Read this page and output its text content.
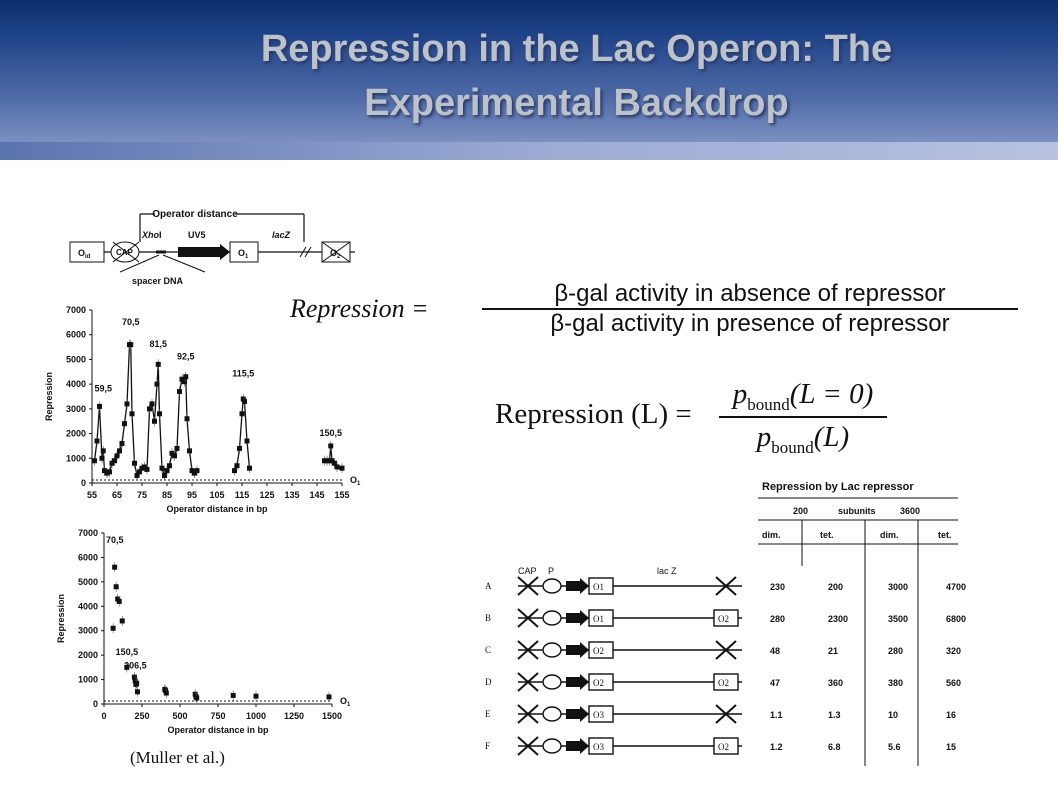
Repression in the Lac Operon: The
Experimental Backdrop
Operator distance
$O_{id}$	CAP
XhoI	UV5
$O_1$
lacZ
$O_2$
spacer DNA
0
1000
2000
3000
4000
5000
6000
7000
55 65 75 85 95 105 115 125 135 145 155
$O_1$
Operator distance in bp
Repression	59,5
70,5
81,5
92,5
115,5
150,5
0
1000
2000
3000
4000
5000
6000
7000
0	250	500	750 1000 1250 1500
$O_1$
Operator distance in bp
Repression
70,5
150,5
206,5
(Muller et al.)
Repression =
β-gal activity in absence of repressor
β-gal activity in presence of repressor
Repression (L) =
$p_{bound}(L = 0)$
$p_{bound}(L)$
Repression by Lac repressor
200	subunits	3600
CAP P	lac Z
dim.	tet.	dim.	tet.
A	O1	230	200	3000	4700
B	O1	O2	280	2300	3500	6800
C	O2	48	21	280	320
D	O2	O2	47	360	380	560
E	O3	1.1	1.3	10	16
F	O3	O2	1.2	6.8	5.6	15
